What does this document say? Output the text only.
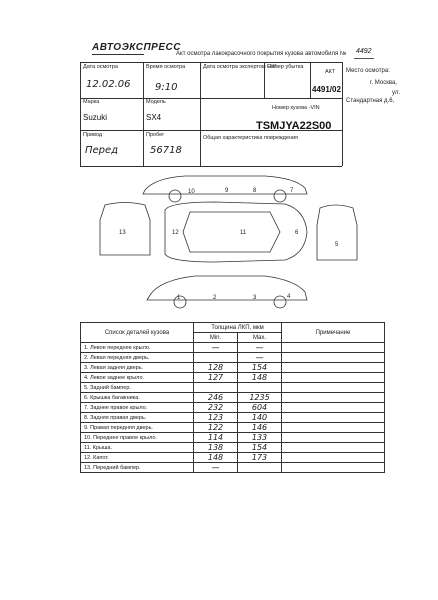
АВТОЭКСПРЕСС
Акт осмотра лакокрасочного покрытия кузова автомобиля № 4492
Дата осмотра
12.02.06
Время осмотра
9:10
Дата осмотра экспертом СК*
Номер убытка
АКТ
4491/02
Марка
Suzuki
Модель
SX4
Номер кузова -VIN
TSMJYA22S00
Привод
Перед
Пробег
56718
Общая характеристика повреждения
Место осмотра:
г. Москва,
ул.
Стандартная д.6,
10	9	8
1	2	3	4
5
6
7
11
12
13
Список деталей кузова	Толщина ЛКП, мкм		Примечание
	Min.	Max.	
1. Левое переднее крыло.	—	—	
2. Левая передняя дверь.		—	
3. Левая задняя дверь.	128	154	
4. Левое заднее крыло.	127	148	
5. Задний бампер.			
6. Крышка багажника.	246	1235	
7. Заднее правое крыло.	232	604	
8. Задняя правая дверь.	123	140	
9. Правая передняя дверь.	122	146	
10. Переднее правое крыло.	114	133	
11. Крыша.	138	154	
12. Капот.	148	173	
13. Передний бампер.	—		
